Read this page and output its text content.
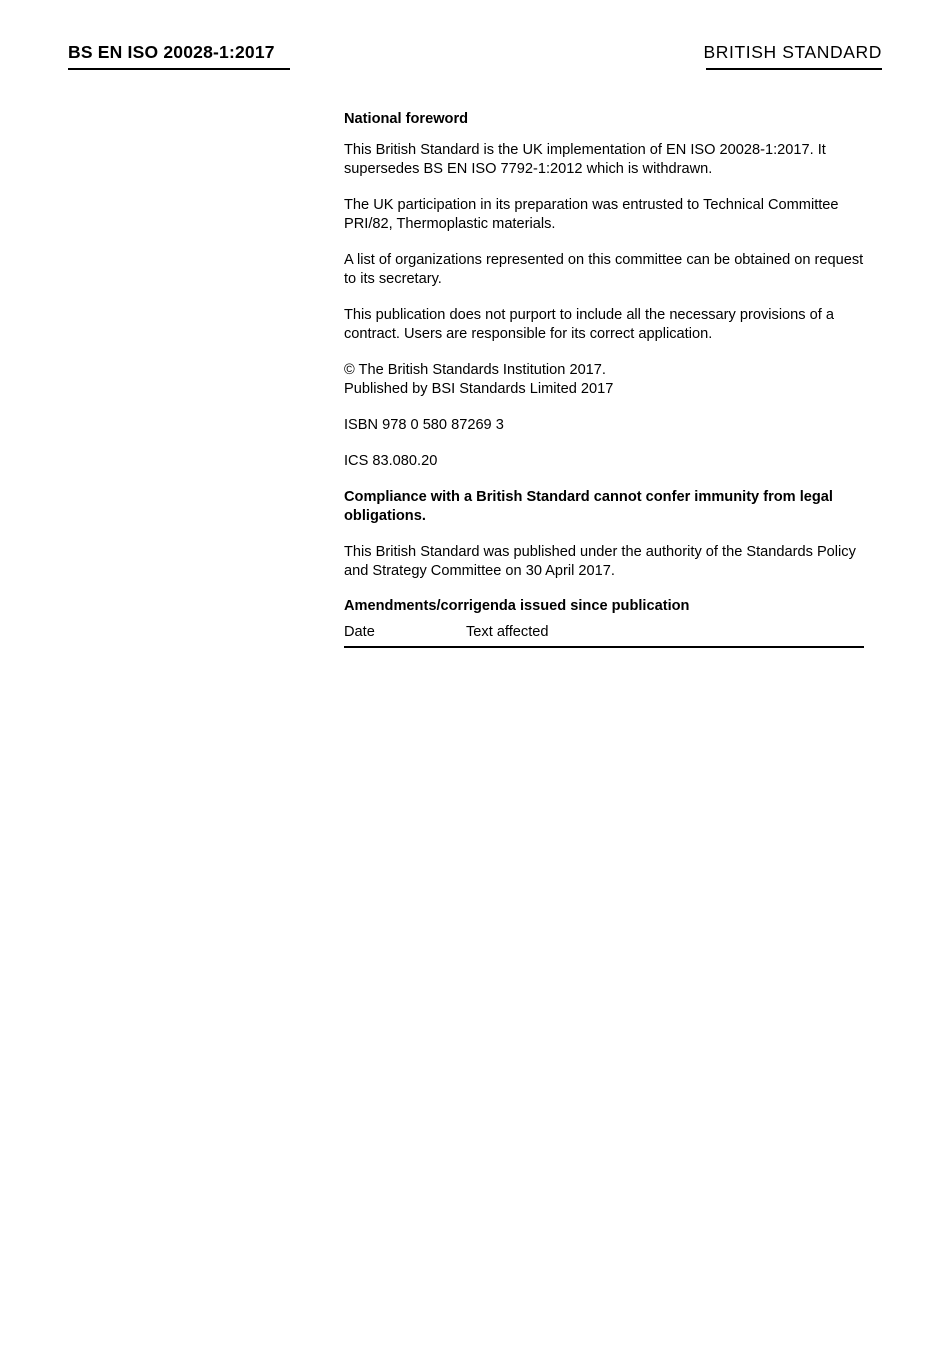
BS EN ISO 20028-1:2017	BRITISH STANDARD
National foreword

This British Standard is the UK implementation of EN ISO 20028-1:2017. It supersedes BS EN ISO 7792-1:2012 which is withdrawn.

The UK participation in its preparation was entrusted to Technical Committee PRI/82, Thermoplastic materials.

A list of organizations represented on this committee can be obtained on request to its secretary.

This publication does not purport to include all the necessary provisions of a contract. Users are responsible for its correct application.

© The British Standards Institution 2017.
Published by BSI Standards Limited 2017

ISBN 978 0 580 87269 3

ICS 83.080.20

Compliance with a British Standard cannot confer immunity from legal obligations.

This British Standard was published under the authority of the Standards Policy and Strategy Committee on 30 April 2017.

Amendments/corrigenda issued since publication
Date	Text affected
